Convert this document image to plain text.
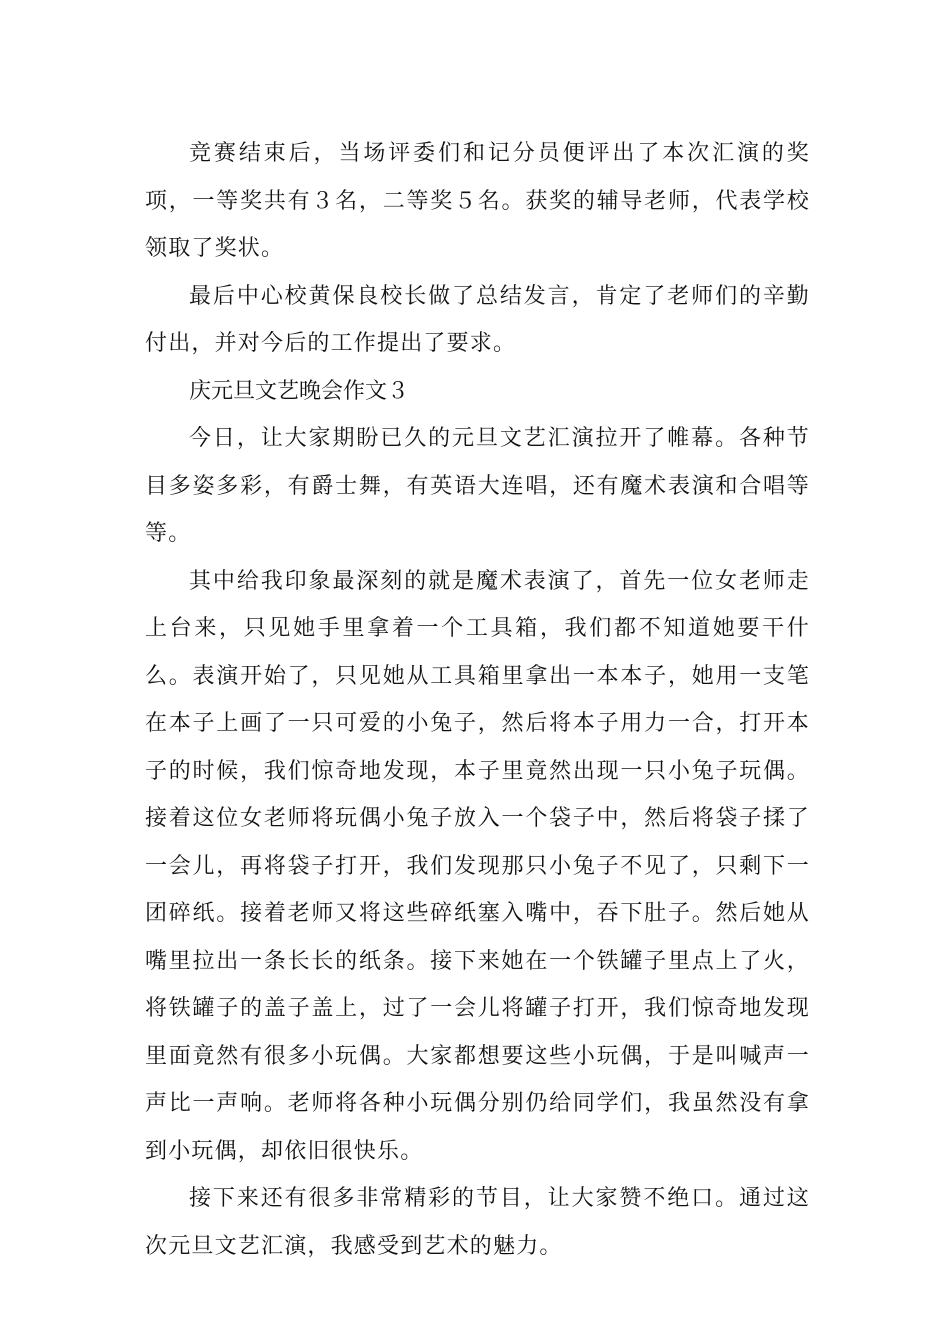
竞赛结束后，当场评委们和记分员便评出了本次汇演的奖项，一等奖共有３名，二等奖５名。获奖的辅导老师，代表学校领取了奖状。

最后中心校黄保良校长做了总结发言，肯定了老师们的辛勤付出，并对今后的工作提出了要求。

庆元旦文艺晚会作文３

今日，让大家期盼已久的元旦文艺汇演拉开了帷幕。各种节目多姿多彩，有爵士舞，有英语大连唱，还有魔术表演和合唱等等。

其中给我印象最深刻的就是魔术表演了，首先一位女老师走上台来，只见她手里拿着一个工具箱，我们都不知道她要干什么。表演开始了，只见她从工具箱里拿出一本本子，她用一支笔在本子上画了一只可爱的小兔子，然后将本子用力一合，打开本子的时候，我们惊奇地发现，本子里竟然出现一只小兔子玩偶。接着这位女老师将玩偶小兔子放入一个袋子中，然后将袋子揉了一会儿，再将袋子打开，我们发现那只小兔子不见了，只剩下一团碎纸。接着老师又将这些碎纸塞入嘴中，吞下肚子。然后她从嘴里拉出一条长长的纸条。接下来她在一个铁罐子里点上了火，将铁罐子的盖子盖上，过了一会儿将罐子打开，我们惊奇地发现里面竟然有很多小玩偶。大家都想要这些小玩偶，于是叫喊声一声比一声响。老师将各种小玩偶分别仍给同学们，我虽然没有拿到小玩偶，却依旧很快乐。

接下来还有很多非常精彩的节目，让大家赞不绝口。通过这次元旦文艺汇演，我感受到艺术的魅力。
